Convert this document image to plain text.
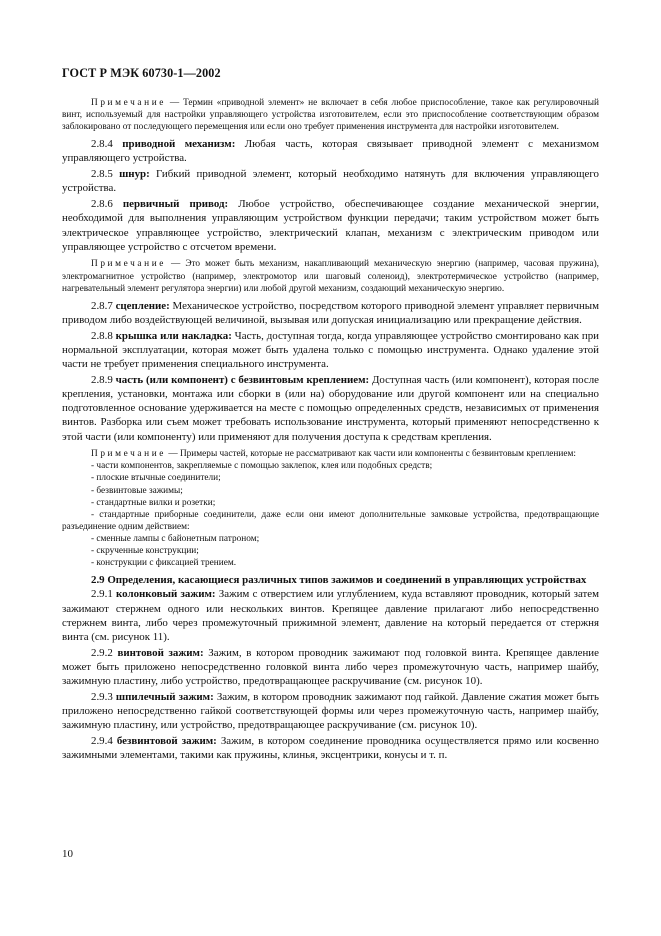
ГОСТ Р МЭК 60730-1—2002

Примечание — Термин «приводной элемент» не включает в себя любое приспособление, такое как регулировочный винт, используемый для настройки управляющего устройства изготовителем, если это приспособление соответствующим образом заблокировано от последующего перемещения или если оно требует применения инструмента для настройки изготовителем.

2.8.4 приводной механизм: Любая часть, которая связывает приводной элемент с механизмом управляющего устройства.

2.8.5 шнур: Гибкий приводной элемент, который необходимо натянуть для включения управляющего устройства.

2.8.6 первичный привод: Любое устройство, обеспечивающее создание механической энергии, необходимой для выполнения управляющим устройством функции передачи; таким устройством может быть электрическое управляющее устройство, электрический клапан, механизм с электрическим приводом или управляющее устройство с отсчетом времени.

Примечание — Это может быть механизм, накапливающий механическую энергию (например, часовая пружина), электромагнитное устройство (например, электромотор или шаговый соленоид), электротермическое устройство (например, нагревательный элемент регулятора энергии) или любой другой механизм, создающий механическую энергию.

2.8.7 сцепление: Механическое устройство, посредством которого приводной элемент управляет первичным приводом либо воздействующей величиной, вызывая или допуская инициализацию или прекращение действия.

2.8.8 крышка или накладка: Часть, доступная тогда, когда управляющее устройство смонтировано как при нормальной эксплуатации, которая может быть удалена только с помощью инструмента. Однако удаление этой части не требует применения специального инструмента.

2.8.9 часть (или компонент) с безвинтовым креплением: Доступная часть (или компонент), которая после крепления, установки, монтажа или сборки в (или на) оборудование или другой компонент или на специально подготовленное основание удерживается на месте с помощью определенных средств, независимых от применения винтов. Разборка или съем может требовать использование инструмента, который применяют непосредственно к этой части (или компоненту) или применяют для получения доступа к средствам крепления.

Примечание — Примеры частей, которые не рассматривают как части или компоненты с безвинтовым креплением:

- части компонентов, закрепляемые с помощью заклепок, клея или подобных средств;
- плоские втычные соединители;
- безвинтовые зажимы;
- стандартные вилки и розетки;
- стандартные приборные соединители, даже если они имеют дополнительные замковые устройства, предотвращающие разъединение одним действием:
- сменные лампы с байонетным патроном;
- скрученные конструкции;
- конструкции с фиксацией трением.

2.9 Определения, касающиеся различных типов зажимов и соединений в управляющих устройствах

2.9.1 колонковый зажим: Зажим с отверстием или углублением, куда вставляют проводник, который затем зажимают стержнем одного или нескольких винтов. Крепящее давление прилагают либо непосредственно стержнем винта, либо через промежуточный прижимной элемент, давление на который передается от стержня винта (см. рисунок 11).

2.9.2 винтовой зажим: Зажим, в котором проводник зажимают под головкой винта. Крепящее давление может быть приложено непосредственно головкой винта либо через промежуточную часть, например шайбу, зажимную пластину, либо устройство, предотвращающее раскручивание (см. рисунок 10).

2.9.3 шпилечный зажим: Зажим, в котором проводник зажимают под гайкой. Давление сжатия может быть приложено непосредственно гайкой соответствующей формы или через промежуточную часть, например шайбу, зажимную пластину, или устройство, предотвращающее раскручивание (см. рисунок 10).

2.9.4 безвинтовой зажим: Зажим, в котором соединение проводника осуществляется прямо или косвенно зажимными элементами, такими как пружины, клинья, эксцентрики, конусы и т. п.

10
